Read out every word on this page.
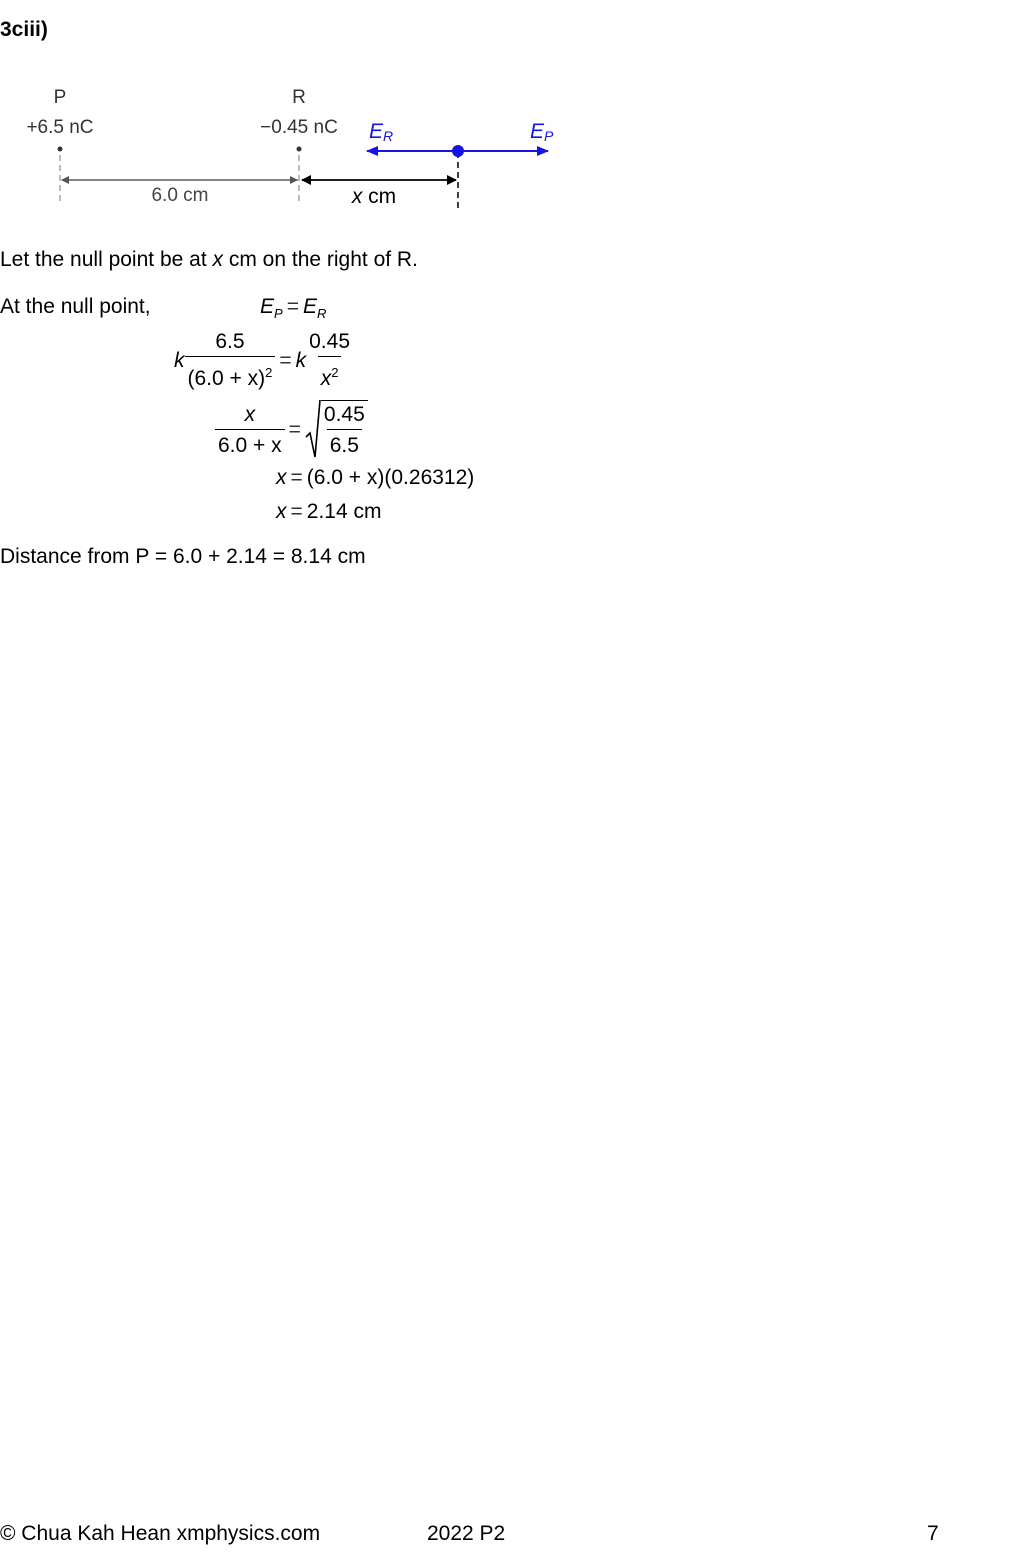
3ciii)
P
+6.5 nC
R
−0.45 nC
6.0 cm	x cm
ER	EP
Let the null point be at x cm on the right of R.
At the null point,	$E_P = E_R$
k $\frac{6.5}{(6.0 + x)^2} = k \frac{0.45}{x^2}$
$\frac{x}{6.0 + x} = \frac{0.45}{6.5}$
x = (6.0 + x)(0.26312)
x = 2.14 cm
Distance from P = 6.0 + 2.14 = 8.14 cm
© Chua Kah Hean xmphysics.com	2022 P2	7
